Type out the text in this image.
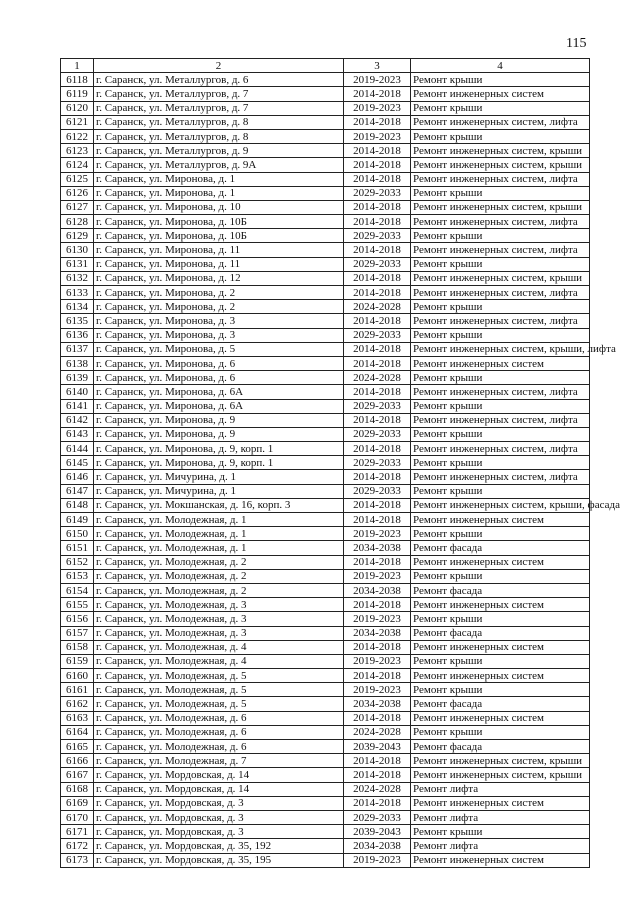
115
1	2	3	4
6118	г. Саранск, ул. Металлургов, д. 6	2019-2023	Ремонт крыши
6119	г. Саранск, ул. Металлургов, д. 7	2014-2018	Ремонт инженерных систем
6120	г. Саранск, ул. Металлургов, д. 7	2019-2023	Ремонт крыши
6121	г. Саранск, ул. Металлургов, д. 8	2014-2018	Ремонт инженерных систем, лифта
6122	г. Саранск, ул. Металлургов, д. 8	2019-2023	Ремонт крыши
6123	г. Саранск, ул. Металлургов, д. 9	2014-2018	Ремонт инженерных систем, крыши
6124	г. Саранск, ул. Металлургов, д. 9А	2014-2018	Ремонт инженерных систем, крыши
6125	г. Саранск, ул. Миронова, д. 1	2014-2018	Ремонт инженерных систем, лифта
6126	г. Саранск, ул. Миронова, д. 1	2029-2033	Ремонт крыши
6127	г. Саранск, ул. Миронова, д. 10	2014-2018	Ремонт инженерных систем, крыши
6128	г. Саранск, ул. Миронова, д. 10Б	2014-2018	Ремонт инженерных систем, лифта
6129	г. Саранск, ул. Миронова, д. 10Б	2029-2033	Ремонт крыши
6130	г. Саранск, ул. Миронова, д. 11	2014-2018	Ремонт инженерных систем, лифта
6131	г. Саранск, ул. Миронова, д. 11	2029-2033	Ремонт крыши
6132	г. Саранск, ул. Миронова, д. 12	2014-2018	Ремонт инженерных систем, крыши
6133	г. Саранск, ул. Миронова, д. 2	2014-2018	Ремонт инженерных систем, лифта
6134	г. Саранск, ул. Миронова, д. 2	2024-2028	Ремонт крыши
6135	г. Саранск, ул. Миронова, д. 3	2014-2018	Ремонт инженерных систем, лифта
6136	г. Саранск, ул. Миронова, д. 3	2029-2033	Ремонт крыши
6137	г. Саранск, ул. Миронова, д. 5	2014-2018	Ремонт инженерных систем, крыши, лифта
6138	г. Саранск, ул. Миронова, д. 6	2014-2018	Ремонт инженерных систем
6139	г. Саранск, ул. Миронова, д. 6	2024-2028	Ремонт крыши
6140	г. Саранск, ул. Миронова, д. 6А	2014-2018	Ремонт инженерных систем, лифта
6141	г. Саранск, ул. Миронова, д. 6А	2029-2033	Ремонт крыши
6142	г. Саранск, ул. Миронова, д. 9	2014-2018	Ремонт инженерных систем, лифта
6143	г. Саранск, ул. Миронова, д. 9	2029-2033	Ремонт крыши
6144	г. Саранск, ул. Миронова, д. 9, корп. 1	2014-2018	Ремонт инженерных систем, лифта
6145	г. Саранск, ул. Миронова, д. 9, корп. 1	2029-2033	Ремонт крыши
6146	г. Саранск, ул. Мичурина, д. 1	2014-2018	Ремонт инженерных систем, лифта
6147	г. Саранск, ул. Мичурина, д. 1	2029-2033	Ремонт крыши
6148	г. Саранск, ул. Мокшанская, д. 16, корп. 3	2014-2018	Ремонт инженерных систем, крыши, фасада
6149	г. Саранск, ул. Молодежная, д. 1	2014-2018	Ремонт инженерных систем
6150	г. Саранск, ул. Молодежная, д. 1	2019-2023	Ремонт крыши
6151	г. Саранск, ул. Молодежная, д. 1	2034-2038	Ремонт фасада
6152	г. Саранск, ул. Молодежная, д. 2	2014-2018	Ремонт инженерных систем
6153	г. Саранск, ул. Молодежная, д. 2	2019-2023	Ремонт крыши
6154	г. Саранск, ул. Молодежная, д. 2	2034-2038	Ремонт фасада
6155	г. Саранск, ул. Молодежная, д. 3	2014-2018	Ремонт инженерных систем
6156	г. Саранск, ул. Молодежная, д. 3	2019-2023	Ремонт крыши
6157	г. Саранск, ул. Молодежная, д. 3	2034-2038	Ремонт фасада
6158	г. Саранск, ул. Молодежная, д. 4	2014-2018	Ремонт инженерных систем
6159	г. Саранск, ул. Молодежная, д. 4	2019-2023	Ремонт крыши
6160	г. Саранск, ул. Молодежная, д. 5	2014-2018	Ремонт инженерных систем
6161	г. Саранск, ул. Молодежная, д. 5	2019-2023	Ремонт крыши
6162	г. Саранск, ул. Молодежная, д. 5	2034-2038	Ремонт фасада
6163	г. Саранск, ул. Молодежная, д. 6	2014-2018	Ремонт инженерных систем
6164	г. Саранск, ул. Молодежная, д. 6	2024-2028	Ремонт крыши
6165	г. Саранск, ул. Молодежная, д. 6	2039-2043	Ремонт фасада
6166	г. Саранск, ул. Молодежная, д. 7	2014-2018	Ремонт инженерных систем, крыши
6167	г. Саранск, ул. Мордовская, д. 14	2014-2018	Ремонт инженерных систем, крыши
6168	г. Саранск, ул. Мордовская, д. 14	2024-2028	Ремонт лифта
6169	г. Саранск, ул. Мордовская, д. 3	2014-2018	Ремонт инженерных систем
6170	г. Саранск, ул. Мордовская, д. 3	2029-2033	Ремонт лифта
6171	г. Саранск, ул. Мордовская, д. 3	2039-2043	Ремонт крыши
6172	г. Саранск, ул. Мордовская, д. 35, 192	2034-2038	Ремонт лифта
6173	г. Саранск, ул. Мордовская, д. 35, 195	2019-2023	Ремонт инженерных систем
